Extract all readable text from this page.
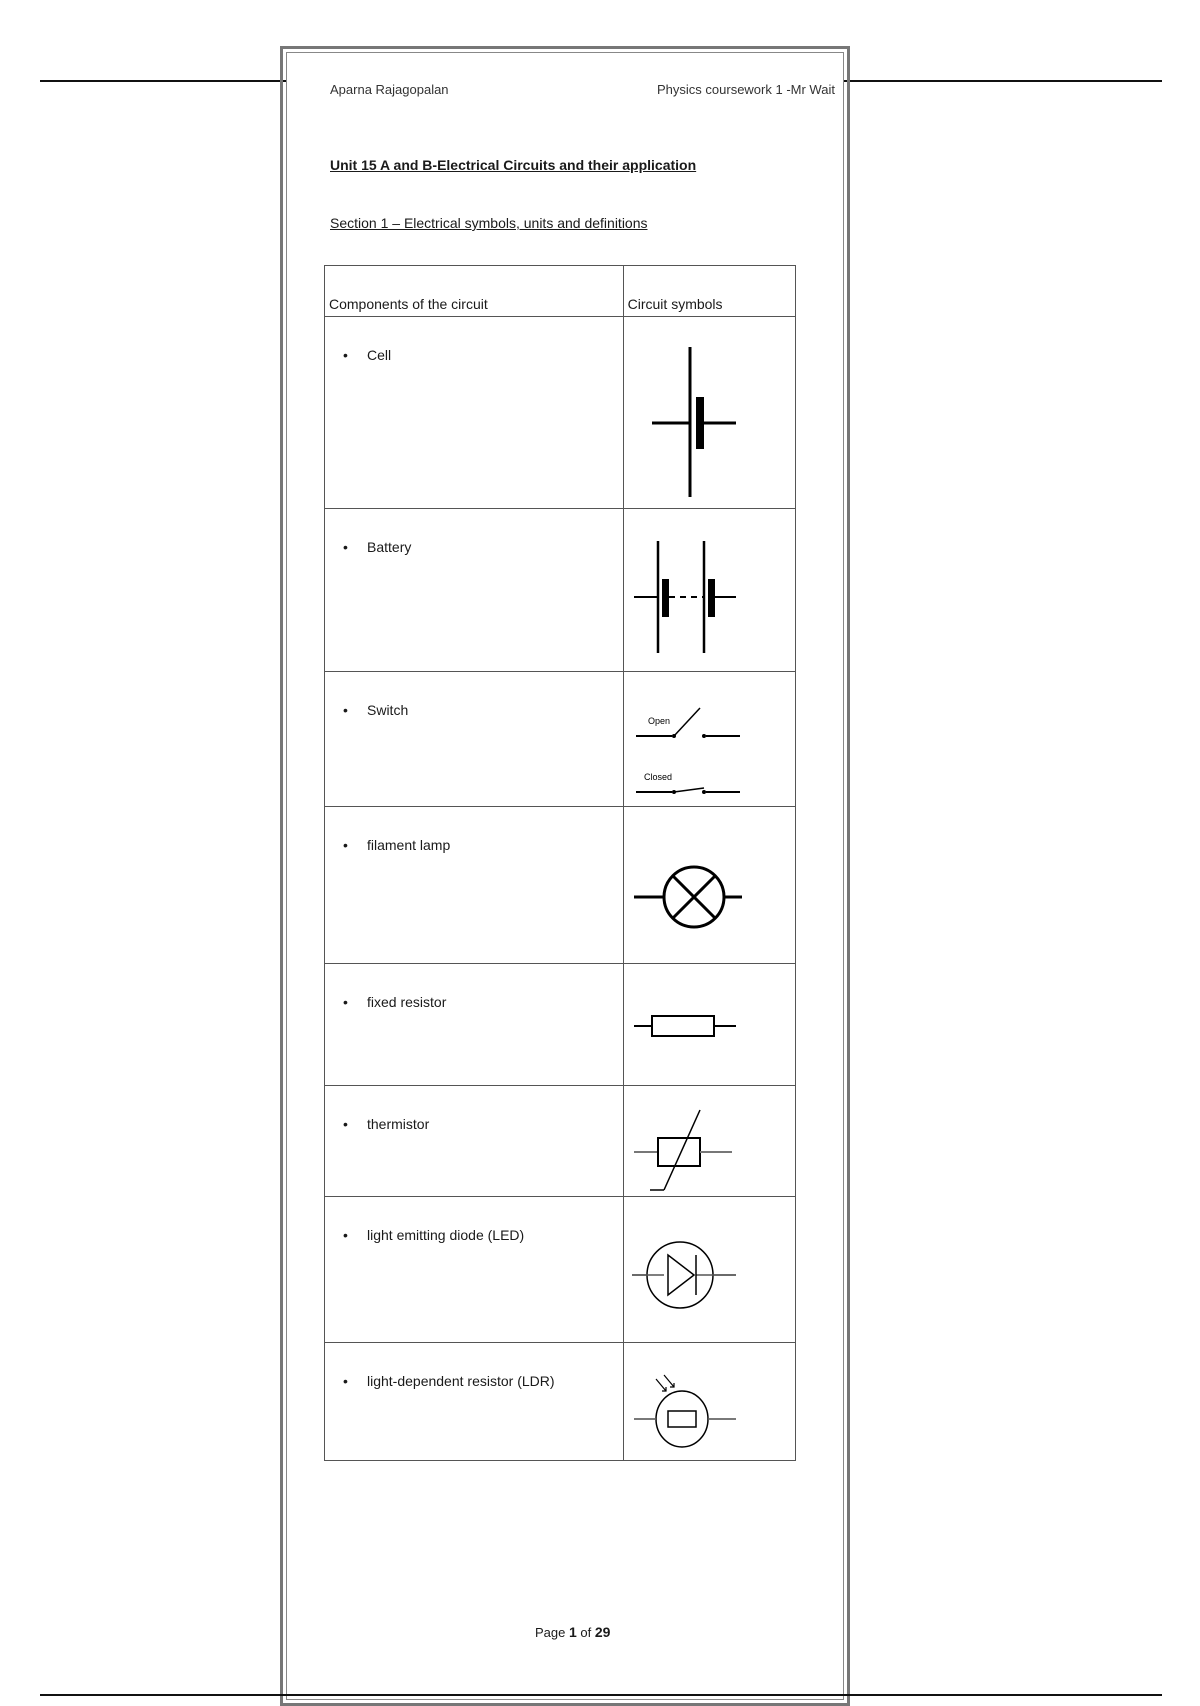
Aparna Rajagopalan	Physics coursework 1 -Mr Wait
Unit 15 A and B-Electrical Circuits and their application
Section 1 – Electrical symbols, units and definitions
Components of the circuit	Circuit symbols

• Cell

• Battery

• Switch	Open
Closed

• filament lamp

• fixed resistor

• thermistor

• light emitting diode (LED)

• light-dependent resistor (LDR)

Page 1 of 29
